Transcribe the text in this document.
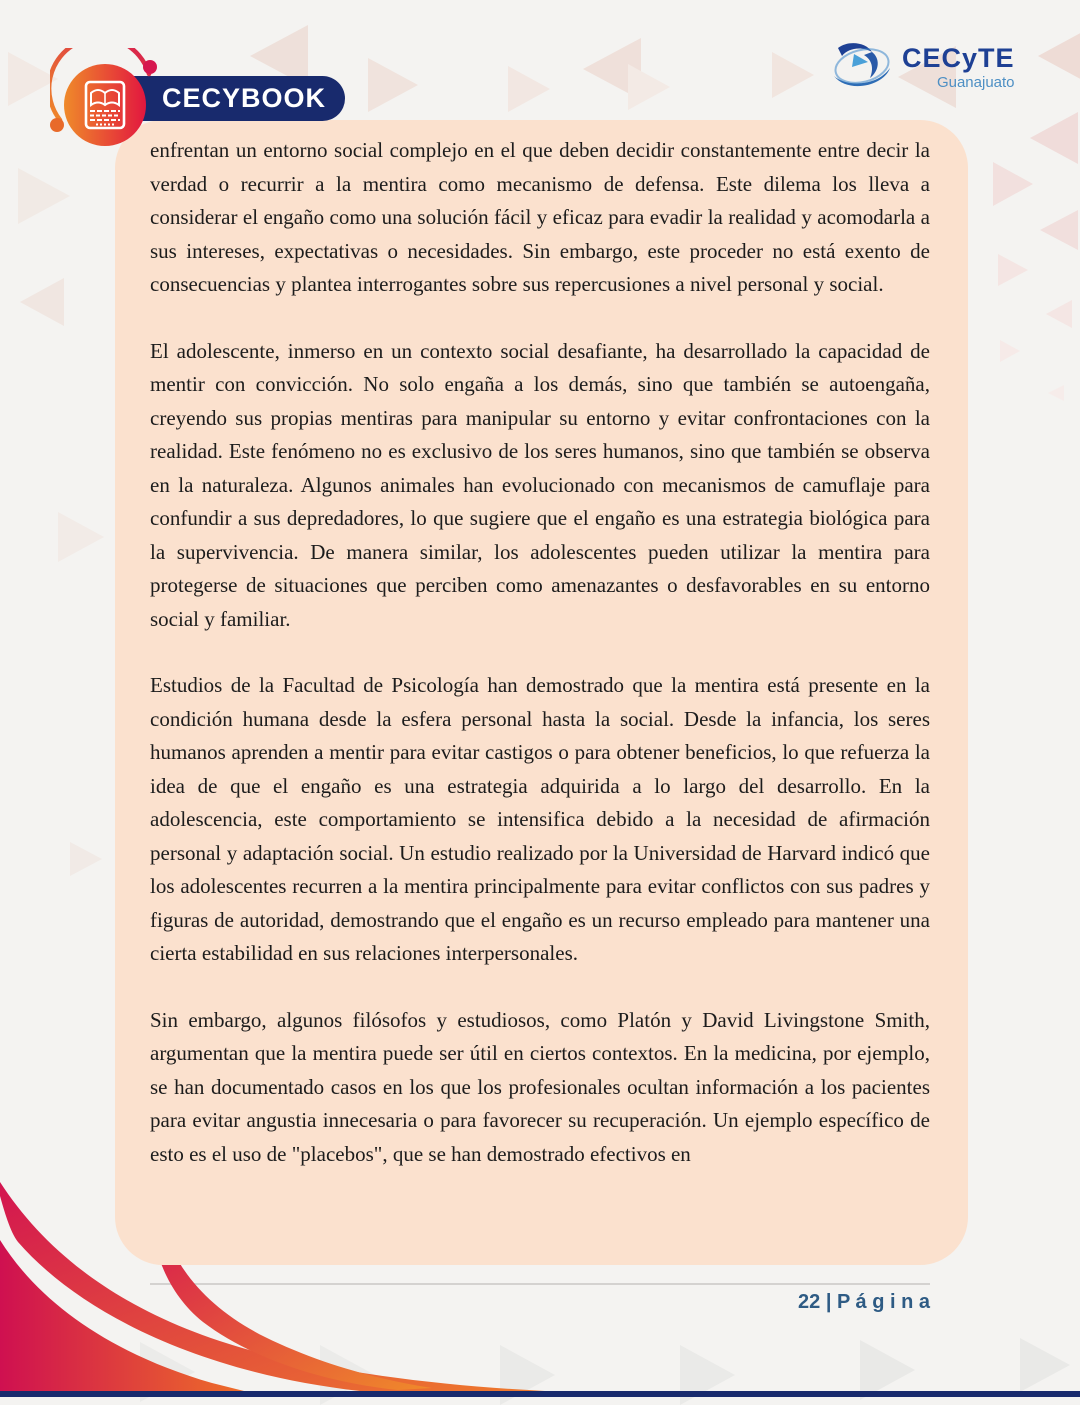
CECYBOOK
CECyTE
Guanajuato

enfrentan un entorno social complejo en el que deben decidir constantemente entre decir la verdad o recurrir a la mentira como mecanismo de defensa. Este dilema los lleva a considerar el engaño como una solución fácil y eficaz para evadir la realidad y acomodarla a sus intereses, expectativas o necesidades. Sin embargo, este proceder no está exento de consecuencias y plantea interrogantes sobre sus repercusiones a nivel personal y social.

El adolescente, inmerso en un contexto social desafiante, ha desarrollado la capacidad de mentir con convicción. No solo engaña a los demás, sino que también se autoengaña, creyendo sus propias mentiras para manipular su entorno y evitar confrontaciones con la realidad. Este fenómeno no es exclusivo de los seres humanos, sino que también se observa en la naturaleza. Algunos animales han evolucionado con mecanismos de camuflaje para confundir a sus depredadores, lo que sugiere que el engaño es una estrategia biológica para la supervivencia. De manera similar, los adolescentes pueden utilizar la mentira para protegerse de situaciones que perciben como amenazantes o desfavorables en su entorno social y familiar.

Estudios de la Facultad de Psicología han demostrado que la mentira está presente en la condición humana desde la esfera personal hasta la social. Desde la infancia, los seres humanos aprenden a mentir para evitar castigos o para obtener beneficios, lo que refuerza la idea de que el engaño es una estrategia adquirida a lo largo del desarrollo. En la adolescencia, este comportamiento se intensifica debido a la necesidad de afirmación personal y adaptación social. Un estudio realizado por la Universidad de Harvard indicó que los adolescentes recurren a la mentira principalmente para evitar conflictos con sus padres y figuras de autoridad, demostrando que el engaño es un recurso empleado para mantener una cierta estabilidad en sus relaciones interpersonales.

Sin embargo, algunos filósofos y estudiosos, como Platón y David Livingstone Smith, argumentan que la mentira puede ser útil en ciertos contextos. En la medicina, por ejemplo, se han documentado casos en los que los profesionales ocultan información a los pacientes para evitar angustia innecesaria o para favorecer su recuperación. Un ejemplo específico de esto es el uso de "placebos", que se han demostrado efectivos en

22 | P á g i n a
